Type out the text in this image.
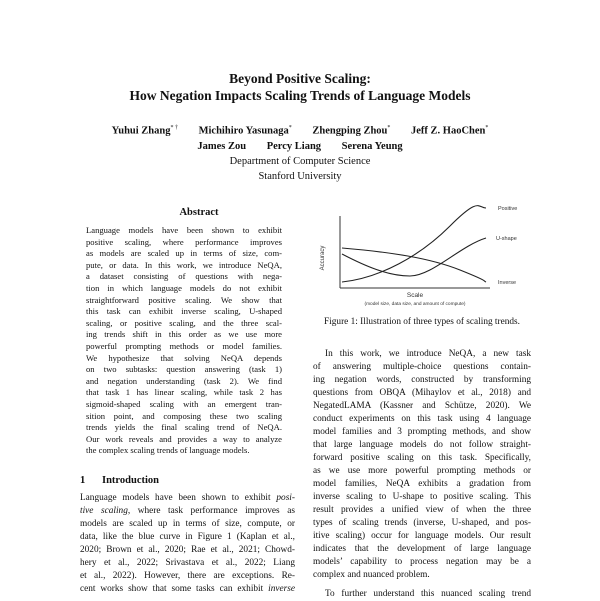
Beyond Positive Scaling:
How Negation Impacts Scaling Trends of Language Models
Yuhui Zhang* † Michihiro Yasunaga* Zhengping Zhou* Jeff Z. HaoChen*
James Zou Percy Liang Serena Yeung
Department of Computer Science
Stanford University
Abstract
Language models have been shown to exhibit
positive scaling, where performance improves
as models are scaled up in terms of size, com-
pute, or data. In this work, we introduce NeQA,
a dataset consisting of questions with nega-
tion in which language models do not exhibit
straightforward positive scaling. We show that
this task can exhibit inverse scaling, U-shaped
scaling, or positive scaling, and the three scal-
ing trends shift in this order as we use more
powerful prompting methods or model families.
We hypothesize that solving NeQA depends
on two subtasks: question answering (task 1)
and negation understanding (task 2). We find
that task 1 has linear scaling, while task 2 has
sigmoid-shaped scaling with an emergent tran-
sition point, and composing these two scaling
trends yields the final scaling trend of NeQA.
Our work reveals and provides a way to analyze
the complex scaling trends of language models.
1 Introduction
Language models have been shown to exhibit posi-
tive scaling, where task performance improves as
models are scaled up in terms of size, compute, or
data, like the blue curve in Figure 1 (Kaplan et al.,
2020; Brown et al., 2020; Rae et al., 2021; Chowd-
hery et al., 2022; Srivastava et al., 2022; Liang
et al., 2022). However, there are exceptions. Re-
cent works show that some tasks can exhibit inverse
Positive
U-shape
Inverse
Accuracy
Scale
(model size, data size, and amount of compute)
Figure 1: Illustration of three types of scaling trends.
In this work, we introduce NeQA, a new task
of answering multiple-choice questions contain-
ing negation words, constructed by transforming
questions from OBQA (Mihaylov et al., 2018) and
NegatedLAMA (Kassner and Schütze, 2020). We
conduct experiments on this task using 4 language
model families and 3 prompting methods, and show
that large language models do not follow straight-
forward positive scaling on this task. Specifically,
as we use more powerful prompting methods or
model families, NeQA exhibits a gradation from
inverse scaling to U-shape to positive scaling. This
result provides a unified view of when the three
types of scaling trends (inverse, U-shaped, and pos-
itive scaling) occur for language models. Our result
indicates that the development of large language
models’ capability to process negation may be a
complex and nuanced problem.
To further understand this nuanced scaling trend
